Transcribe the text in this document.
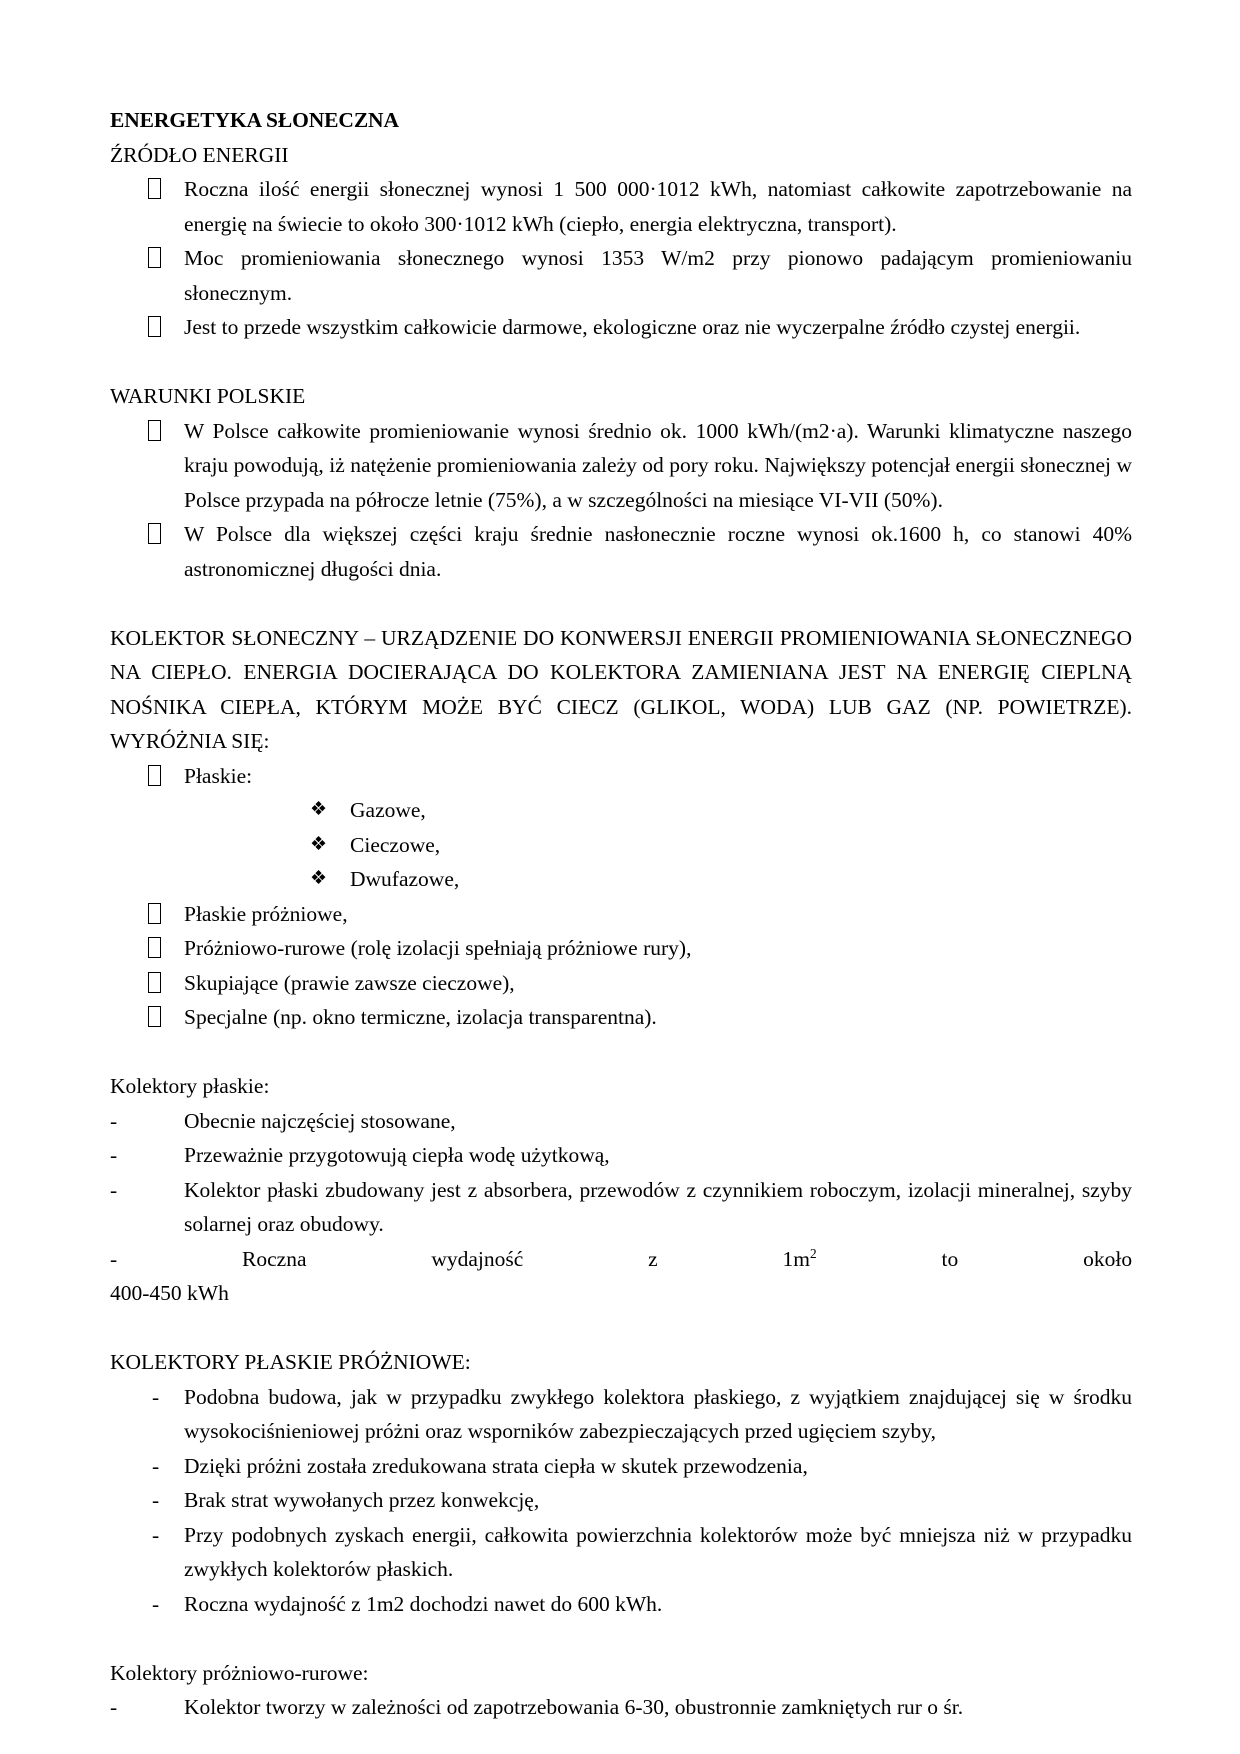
ENERGETYKA SŁONECZNA

ŹRÓDŁO ENERGII

Roczna ilość energii słonecznej wynosi 1 500 000·1012 kWh, natomiast całkowite zapotrzebowanie na energię na świecie to około 300·1012 kWh (ciepło, energia elektryczna, transport).
Moc promieniowania słonecznego wynosi 1353 W/m2 przy pionowo padającym promieniowaniu słonecznym.
Jest to przede wszystkim całkowicie darmowe, ekologiczne oraz nie wyczerpalne źródło czystej energii.

WARUNKI POLSKIE

W Polsce całkowite promieniowanie wynosi średnio ok. 1000 kWh/(m2·a). Warunki klimatyczne naszego kraju powodują, iż natężenie promieniowania zależy od pory roku. Największy potencjał energii słonecznej w Polsce przypada na półrocze letnie (75%), a w szczególności na miesiące VI-VII (50%).
W Polsce dla większej części kraju średnie nasłonecznie roczne wynosi ok.1600 h, co stanowi 40% astronomicznej długości dnia.

KOLEKTOR SŁONECZNY – URZĄDZENIE DO KONWERSJI ENERGII PROMIENIOWANIA SŁONECZNEGO NA CIEPŁO. ENERGIA DOCIERAJĄCA DO KOLEKTORA ZAMIENIANA JEST NA ENERGIĘ CIEPLNĄ NOŚNIKA CIEPŁA, KTÓRYM MOŻE BYĆ CIECZ (GLIKOL, WODA) LUB GAZ (NP. POWIETRZE). WYRÓŻNIA SIĘ:

Płaskie:
❖ Gazowe,
❖ Cieczowe,
❖ Dwufazowe,
Płaskie próżniowe,
Próżniowo-rurowe (rolę izolacji spełniają próżniowe rury),
Skupiające (prawie zawsze cieczowe),
Specjalne (np. okno termiczne, izolacja transparentna).

Kolektory płaskie:

-	Obecnie najczęściej stosowane,
-	Przeważnie przygotowują ciepła wodę użytkową,
-	Kolektor płaski zbudowany jest z absorbera, przewodów z czynnikiem roboczym, izolacji mineralnej, szyby solarnej oraz obudowy.
-	Roczna	wydajność	z	$1m^2$	to	około
400-450 kWh

KOLEKTORY PŁASKIE PRÓŻNIOWE:

- Podobna budowa, jak w przypadku zwykłego kolektora płaskiego, z wyjątkiem znajdującej się w środku wysokociśnieniowej próżni oraz wsporników zabezpieczających przed ugięciem szyby,
- Dzięki próżni została zredukowana strata ciepła w skutek przewodzenia,
- Brak strat wywołanych przez konwekcję,
- Przy podobnych zyskach energii, całkowita powierzchnia kolektorów może być mniejsza niż w przypadku zwykłych kolektorów płaskich.
- Roczna wydajność z 1m2 dochodzi nawet do 600 kWh.

Kolektory próżniowo-rurowe:

-	Kolektor tworzy w zależności od zapotrzebowania 6-30, obustronnie zamkniętych rur o śr.
